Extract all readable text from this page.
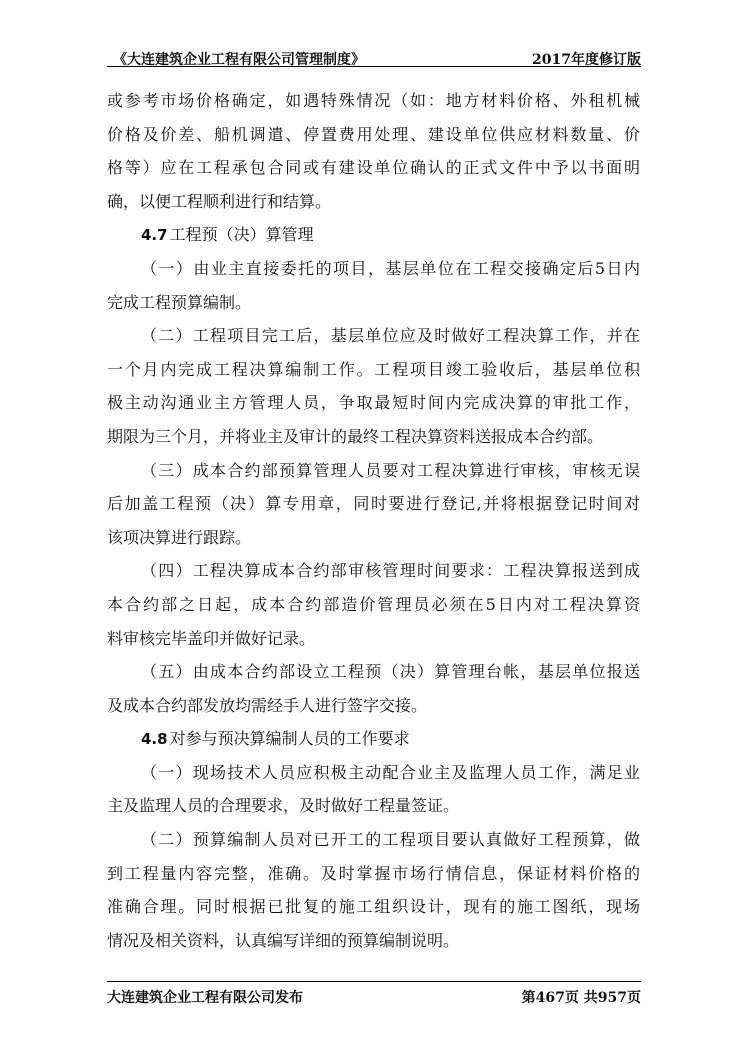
《大连建筑企业工程有限公司管理制度》	2017年度修订版
或参考市场价格确定，如遇特殊情况（如：地方材料价格、外租机械
价格及价差、船机调遣、停置费用处理、建设单位供应材料数量、价
格等）应在工程承包合同或有建设单位确认的正式文件中予以书面明
确，以便工程顺利进行和结算。
4.7 工程预（决）算管理
（一）由业主直接委托的项目，基层单位在工程交接确定后5日内
完成工程预算编制。
（二）工程项目完工后，基层单位应及时做好工程决算工作，并在
一个月内完成工程决算编制工作。工程项目竣工验收后，基层单位积
极主动沟通业主方管理人员，争取最短时间内完成决算的审批工作，
期限为三个月，并将业主及审计的最终工程决算资料送报成本合约部。
（三）成本合约部预算管理人员要对工程决算进行审核，审核无误
后加盖工程预（决）算专用章，同时要进行登记,并将根据登记时间对
该项决算进行跟踪。
（四）工程决算成本合约部审核管理时间要求：工程决算报送到成
本合约部之日起，成本合约部造价管理员必须在5日内对工程决算资
料审核完毕盖印并做好记录。
（五）由成本合约部设立工程预（决）算管理台帐，基层单位报送
及成本合约部发放均需经手人进行签字交接。
4.8 对参与预决算编制人员的工作要求
（一）现场技术人员应积极主动配合业主及监理人员工作，满足业
主及监理人员的合理要求，及时做好工程量签证。
（二）预算编制人员对已开工的工程项目要认真做好工程预算，做
到工程量内容完整，准确。及时掌握市场行情信息，保证材料价格的
准确合理。同时根据已批复的施工组织设计，现有的施工图纸，现场
情况及相关资料，认真编写详细的预算编制说明。
大连建筑企业工程有限公司发布	第467页 共957页
